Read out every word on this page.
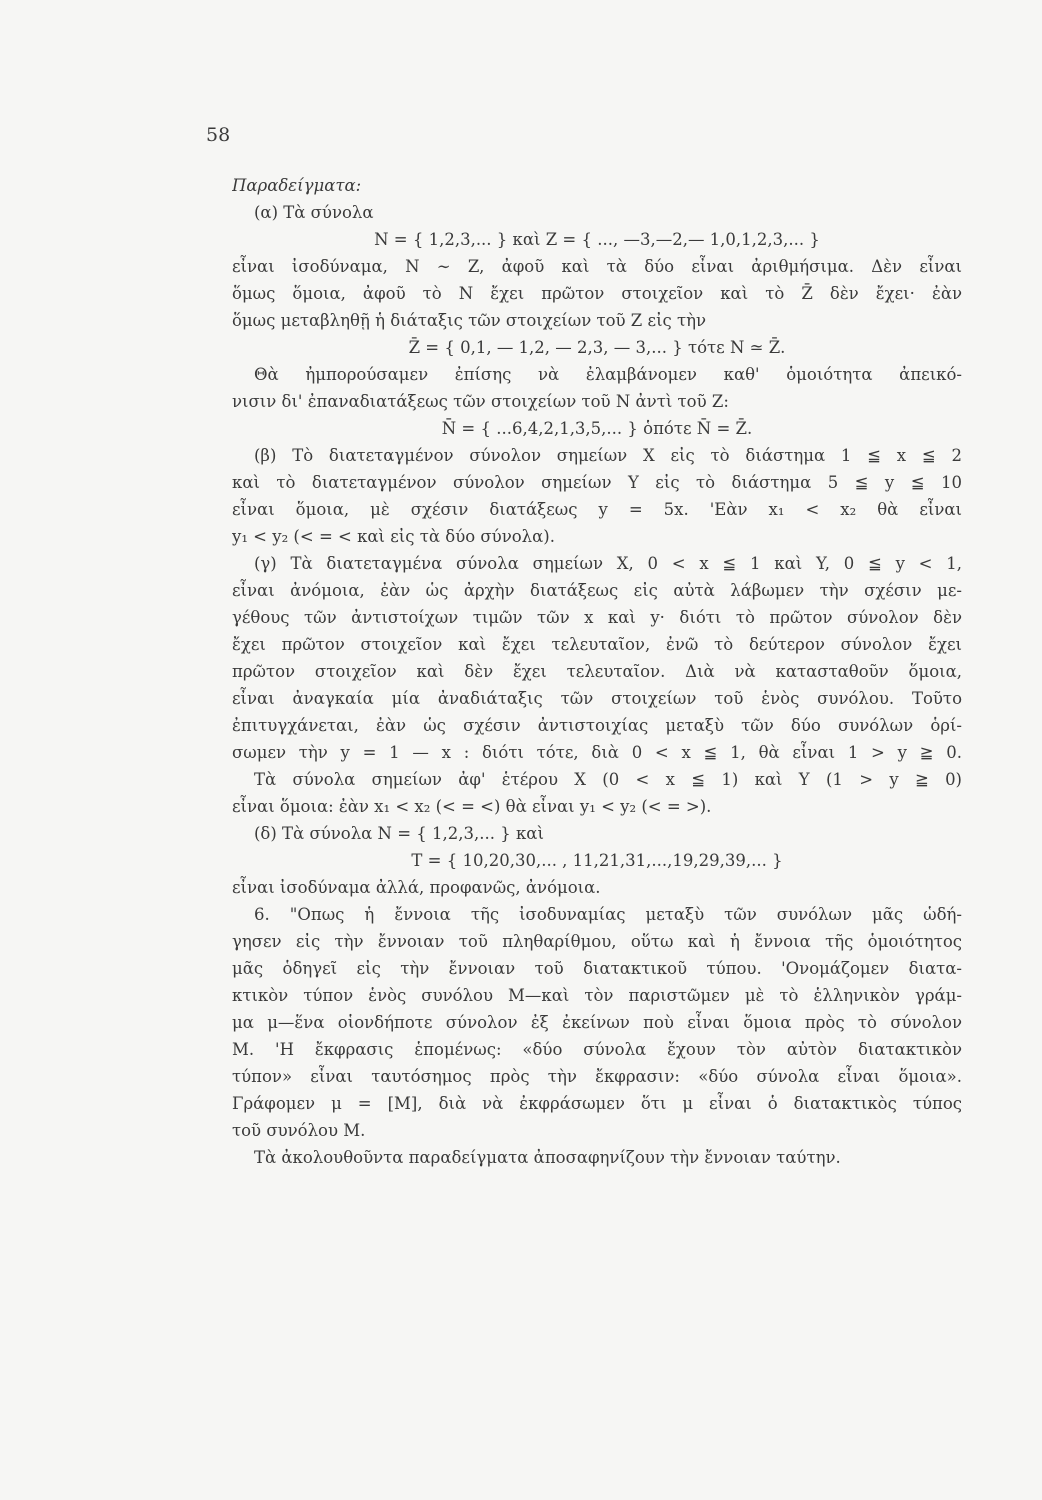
58
Παραδείγματα:
(α) Τὰ σύνολα
N = { 1,2,3,... } καὶ Z = { ..., —3,—2,— 1,0,1,2,3,... }
εἶναι ἰσοδύναμα, N ∼ Z, ἀφοῦ καὶ τὰ δύο εἶναι ἀριθμήσιμα. Δὲν εἶναι
ὅμως ὅμοια, ἀφοῦ τὸ N ἔχει πρῶτον στοιχεῖον καὶ τὸ Z̄ δὲν ἔχει· ἐὰν
ὅμως μεταβληθῇ ἡ διάταξις τῶν στοιχείων τοῦ Z εἰς τὴν
Z̄ = { 0,1, — 1,2, — 2,3, — 3,... } τότε N ≃ Z̄.
Θὰ ἠμπορούσαμεν ἐπίσης νὰ ἐλαμβάνομεν καθ' ὁμοιότητα ἀπεικό-
νισιν δι' ἐπαναδιατάξεως τῶν στοιχείων τοῦ N ἀντὶ τοῦ Z:
N̄ = { ...6,4,2,1,3,5,... } ὁπότε N̄ = Z̄.
(β) Τὸ διατεταγμένον σύνολον σημείων X εἰς τὸ διάστημα 1 ≦ x ≦ 2
καὶ τὸ διατεταγμένον σύνολον σημείων Y εἰς τὸ διάστημα 5 ≦ y ≦ 10
εἶναι ὅμοια, μὲ σχέσιν διατάξεως y = 5x. 'Εὰν x₁ < x₂ θὰ εἶναι
y₁ < y₂ (< = < καὶ εἰς τὰ δύο σύνολα).
(γ) Τὰ διατεταγμένα σύνολα σημείων X, 0 < x ≦ 1 καὶ Y, 0 ≦ y < 1,
εἶναι ἀνόμοια, ἐὰν ὡς ἀρχὴν διατάξεως εἰς αὐτὰ λάβωμεν τὴν σχέσιν με-
γέθους τῶν ἀντιστοίχων τιμῶν τῶν x καὶ y· διότι τὸ πρῶτον σύνολον δὲν
ἔχει πρῶτον στοιχεῖον καὶ ἔχει τελευταῖον, ἐνῶ τὸ δεύτερον σύνολον ἔχει
πρῶτον στοιχεῖον καὶ δὲν ἔχει τελευταῖον. Διὰ νὰ κατασταθοῦν ὅμοια,
εἶναι ἀναγκαία μία ἀναδιάταξις τῶν στοιχείων τοῦ ἑνὸς συνόλου. Τοῦτο
ἐπιτυγχάνεται, ἐὰν ὡς σχέσιν ἀντιστοιχίας μεταξὺ τῶν δύο συνόλων ὁρί-
σωμεν τὴν y = 1 — x : διότι τότε, διὰ 0 < x ≦ 1, θὰ εἶναι 1 > y ≧ 0.
Τὰ σύνολα σημείων ἀφ' ἑτέρου X (0 < x ≦ 1) καὶ Y (1 > y ≧ 0)
εἶναι ὅμοια: ἐὰν x₁ < x₂ (< = <) θὰ εἶναι y₁ < y₂ (< = >).
(δ) Τὰ σύνολα N = { 1,2,3,... } καὶ
T = { 10,20,30,... , 11,21,31,...,19,29,39,... }
εἶναι ἰσοδύναμα ἀλλά, προφανῶς, ἀνόμοια.
6. "Οπως ἡ ἔννοια τῆς ἰσοδυναμίας μεταξὺ τῶν συνόλων μᾶς ὡδή-
γησεν εἰς τὴν ἔννοιαν τοῦ πληθαρίθμου, οὕτω καὶ ἡ ἔννοια τῆς ὁμοιότητος
μᾶς ὁδηγεῖ εἰς τὴν ἔννοιαν τοῦ διατακτικοῦ τύπου. 'Ονομάζομεν διατα-
κτικὸν τύπον ἑνὸς συνόλου M—καὶ τὸν παριστῶμεν μὲ τὸ ἑλληνικὸν γράμ-
μα μ—ἕνα οἱονδήποτε σύνολον ἐξ ἐκείνων ποὺ εἶναι ὅμοια πρὸς τὸ σύνολον
M. 'Η ἔκφρασις ἑπομένως: «δύο σύνολα ἔχουν τὸν αὐτὸν διατακτικὸν
τύπον» εἶναι ταυτόσημος πρὸς τὴν ἔκφρασιν: «δύο σύνολα εἶναι ὅμοια».
Γράφομεν μ = [M], διὰ νὰ ἐκφράσωμεν ὅτι μ εἶναι ὁ διατακτικὸς τύπος
τοῦ συνόλου M.
Τὰ ἀκολουθοῦντα παραδείγματα ἀποσαφηνίζουν τὴν ἔννοιαν ταύτην.
